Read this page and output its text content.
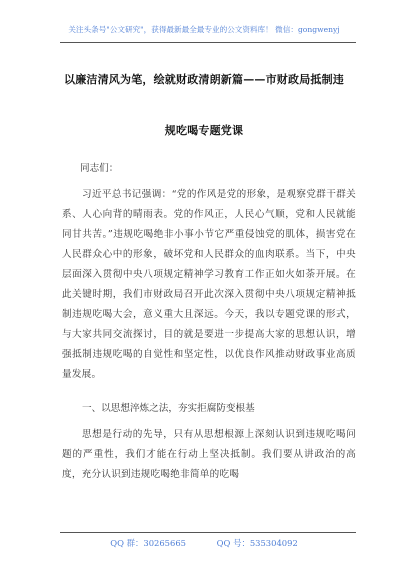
关注头条号"公文研究"，获得最新最全最专业的公文资料库！ 微信：gongwenyj
以廉洁清风为笔，绘就财政清朗新篇——市财政局抵制违
规吃喝专题党课
同志们：
习近平总书记强调：“党的作风是党的形象，是观察党群干群关系、人心向背的晴雨表。党的作风正，人民心气顺，党和人民就能同甘共苦。”违规吃喝绝非小事小节它严重侵蚀党的肌体，损害党在人民群众心中的形象，破坏党和人民群众的血肉联系。当下，中央层面深入贯彻中央八项规定精神学习教育工作正如火如荼开展。在此关键时期，我们市财政局召开此次深入贯彻中央八项规定精神抵制违规吃喝大会，意义重大且深远。今天，我以专题党课的形式，与大家共同交流探讨，目的就是要进一步提高大家的思想认识，增强抵制违规吃喝的自觉性和坚定性，以优良作风推动财政事业高质量发展。
一、以思想淬炼之法，夯实拒腐防变根基
思想是行动的先导，只有从思想根源上深刻认识到违规吃喝问题的严重性，我们才能在行动上坚决抵制。我们要从讲政治的高度，充分认识到违规吃喝绝非简单的吃喝
QQ 群：30265665	QQ 号：535304092
